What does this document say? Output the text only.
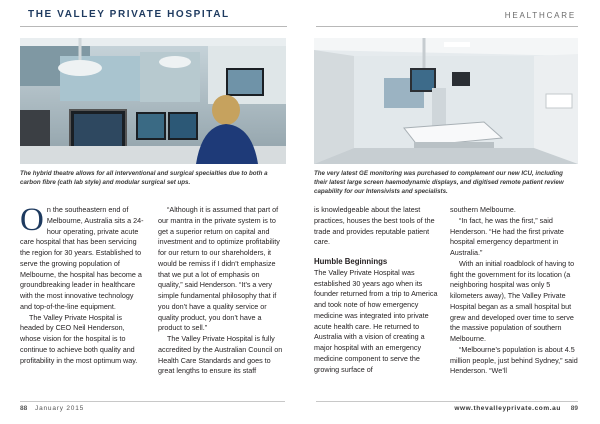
THE VALLEY PRIVATE HOSPITAL	HEALTHCARE
The hybrid theatre allows for all interventional and surgical specialties due to both a carbon fibre (cath lab style) and modular surgical set ups.
The very latest GE monitoring was purchased to complement our new ICU, including their latest large screen haemodynamic displays, and digitised remote patient review capability for our Intensivists and specialists.
O n the southeastern end of Melbourne, Australia sits a 24-hour operating, private acute care hospital that has been servicing the region for 30 years. Established to serve the growing population of Melbourne, the hospital has become a groundbreaking leader in healthcare with the most innovative technology and top-of-the-line equipment.

The Valley Private Hospital is headed by CEO Neil Henderson, whose vision for the hospital is to continue to achieve both quality and profitability in the most optimum way.

“Although it is assumed that part of our mantra in the private system is to get a superior return on capital and investment and to optimize profitability for our return to our shareholders, it would be remiss if I didn’t emphasize that we put a lot of emphasis on quality,” said Henderson. “It’s a very simple fundamental philosophy that if you don’t have a quality service or quality product, you don’t have a product to sell.”

The Valley Private Hospital is fully accredited by the Australian Council on Health Care Standards and goes to great lengths to ensure its staff

is knowledgeable about the latest practices, houses the best tools of the trade and provides reputable patient care.

Humble Beginnings

The Valley Private Hospital was established 30 years ago when its founder returned from a trip to America and took note of how emergency medicine was integrated into private acute health care. He returned to Australia with a vision of creating a major hospital with an emergency medicine component to serve the growing surface of

southern Melbourne.

“In fact, he was the first,” said Henderson. “He had the first private hospital emergency department in Australia.”

With an initial roadblock of having to fight the government for its location (a neighboring hospital was only 5 kilometers away), The Valley Private Hospital began as a small hospital but grew and developed over time to serve the massive population of southern Melbourne.

“Melbourne’s population is about 4.5 million people, just behind Sydney,” said Henderson. “We’ll

88 January 2015	www.thevalleyprivate.com.au 89
